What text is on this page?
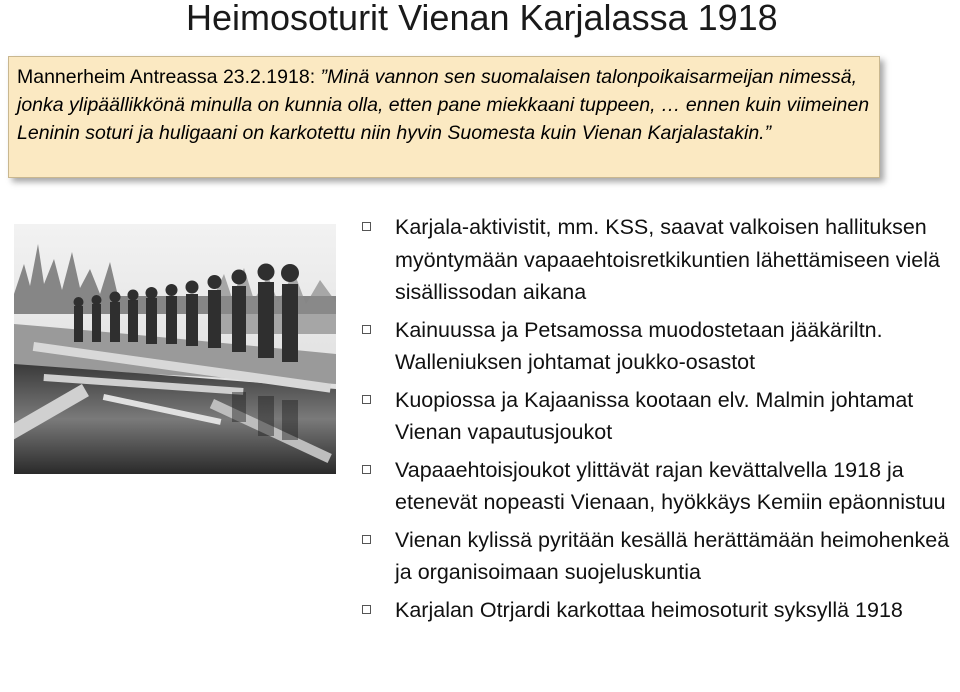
Heimosoturit Vienan Karjalassa 1918
Mannerheim Antreassa 23.2.1918: ”Minä vannon sen suomalaisen talonpoikaisarmeijan nimessä, jonka ylipäällikkönä minulla on kunnia olla, etten pane miekkaani tuppeen, … ennen kuin viimeinen Leninin soturi ja huligaani on karkotettu niin hyvin Suomesta kuin Vienan Karjalastakin.”
Karjala-aktivistit, mm. KSS, saavat valkoisen hallituksen myöntymään vapaaehtoisretkikuntien lähettämiseen vielä sisällissodan aikana
Kainuussa ja Petsamossa muodostetaan jääkäriltn. Walleniuksen johtamat joukko-osastot
Kuopiossa ja Kajaanissa kootaan elv. Malmin johtamat Vienan vapautusjoukot
Vapaaehtoisjoukot ylittävät rajan kevättalvella 1918 ja etenevät nopeasti Vienaan, hyökkäys Kemiin epäonnistuu
Vienan kylissä pyritään kesällä herättämään heimohenkeä ja organisoimaan suojeluskuntia
Karjalan Otrjardi karkottaa heimosoturit syksyllä 1918
